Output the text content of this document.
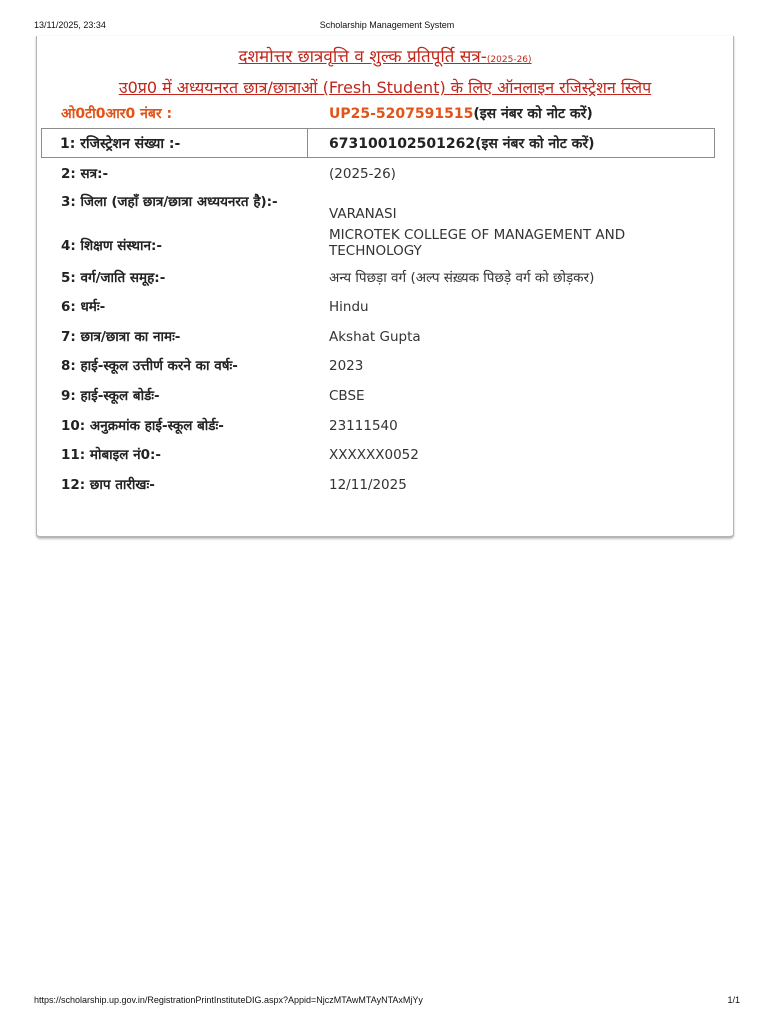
13/11/2025, 23:34	Scholarship Management System
दशमोत्तर छात्रवृत्ति व शुल्क प्रतिपूर्ति सत्र-(2025-26)
उ0प्र0 में अध्ययनरत छात्र/छात्राओं (Fresh Student) के लिए ऑनलाइन रजिस्ट्रेशन स्लिप
ओ0टी0आर0 नंबर :	UP25-5207591515(इस नंबर को नोट करें)
1: रजिस्ट्रेशन संख्या :-	673100102501262(इस नंबर को नोट करें)
2: सत्र:-	(2025-26)
3: जिला (जहाँ छात्र/छात्रा अध्ययनरत है):-
VARANASI
4: शिक्षण संस्थान:-
MICROTEK COLLEGE OF MANAGEMENT AND TECHNOLOGY
5: वर्ग/जाति समूह:-	अन्य पिछड़ा वर्ग (अल्प संख़्यक पिछड़े वर्ग को छोड़कर)
6: धर्मः-	Hindu
7: छात्र/छात्रा का नामः-	Akshat Gupta
8: हाई-स्कूल उत्तीर्ण करने का वर्षः-	2023
9: हाई-स्कूल बोर्डः-	CBSE
10: अनुक्रमांक हाई-स्कूल बोर्डः-	23111540
11: मोबाइल नं0:-	XXXXXX0052
12: छाप तारीखः-	12/11/2025
https://scholarship.up.gov.in/RegistrationPrintInstituteDIG.aspx?Appid=NjczMTAwMTAyNTAxMjYy	1/1
